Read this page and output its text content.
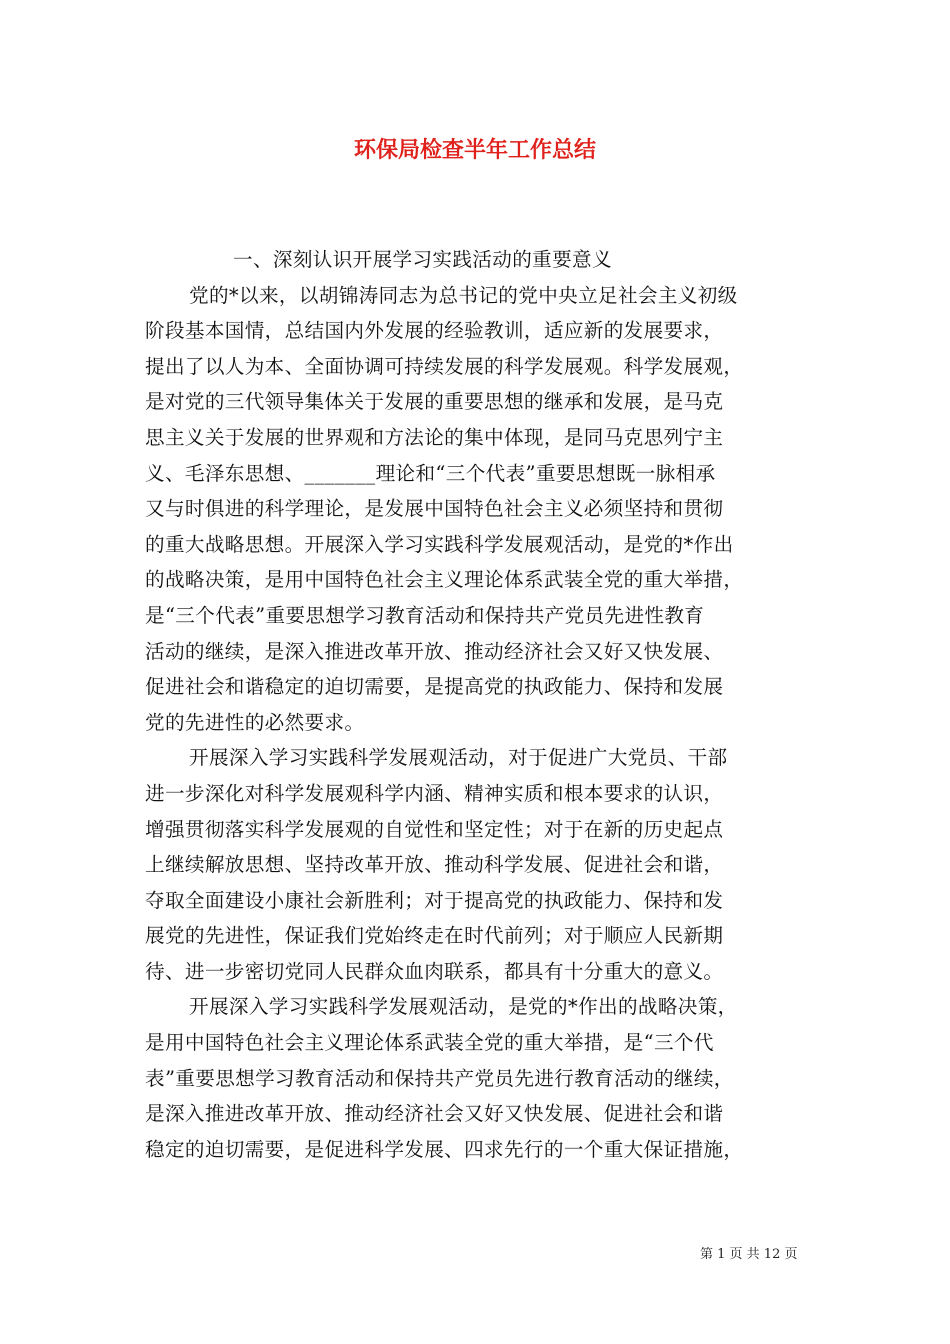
环保局检查半年工作总结

一、深刻认识开展学习实践活动的重要意义

党的*以来，以胡锦涛同志为总书记的党中央立足社会主义初级

阶段基本国情，总结国内外发展的经验教训，适应新的发展要求，

提出了以人为本、全面协调可持续发展的科学发展观。科学发展观，

是对党的三代领导集体关于发展的重要思想的继承和发展，是马克

思主义关于发展的世界观和方法论的集中体现，是同马克思列宁主

义、毛泽东思想、_______理论和“三个代表”重要思想既一脉相承

又与时俱进的科学理论，是发展中国特色社会主义必须坚持和贯彻

的重大战略思想。开展深入学习实践科学发展观活动，是党的*作出

的战略决策，是用中国特色社会主义理论体系武装全党的重大举措，

是“三个代表”重要思想学习教育活动和保持共产党员先进性教育

活动的继续，是深入推进改革开放、推动经济社会又好又快发展、

促进社会和谐稳定的迫切需要，是提高党的执政能力、保持和发展

党的先进性的必然要求。

开展深入学习实践科学发展观活动，对于促进广大党员、干部

进一步深化对科学发展观科学内涵、精神实质和根本要求的认识，

增强贯彻落实科学发展观的自觉性和坚定性；对于在新的历史起点

上继续解放思想、坚持改革开放、推动科学发展、促进社会和谐，

夺取全面建设小康社会新胜利；对于提高党的执政能力、保持和发

展党的先进性，保证我们党始终走在时代前列；对于顺应人民新期

待、进一步密切党同人民群众血肉联系，都具有十分重大的意义。

开展深入学习实践科学发展观活动，是党的*作出的战略决策，

是用中国特色社会主义理论体系武装全党的重大举措，是“三个代

表”重要思想学习教育活动和保持共产党员先进行教育活动的继续，

是深入推进改革开放、推动经济社会又好又快发展、促进社会和谐

稳定的迫切需要，是促进科学发展、四求先行的一个重大保证措施，

第 1 页 共 12 页
